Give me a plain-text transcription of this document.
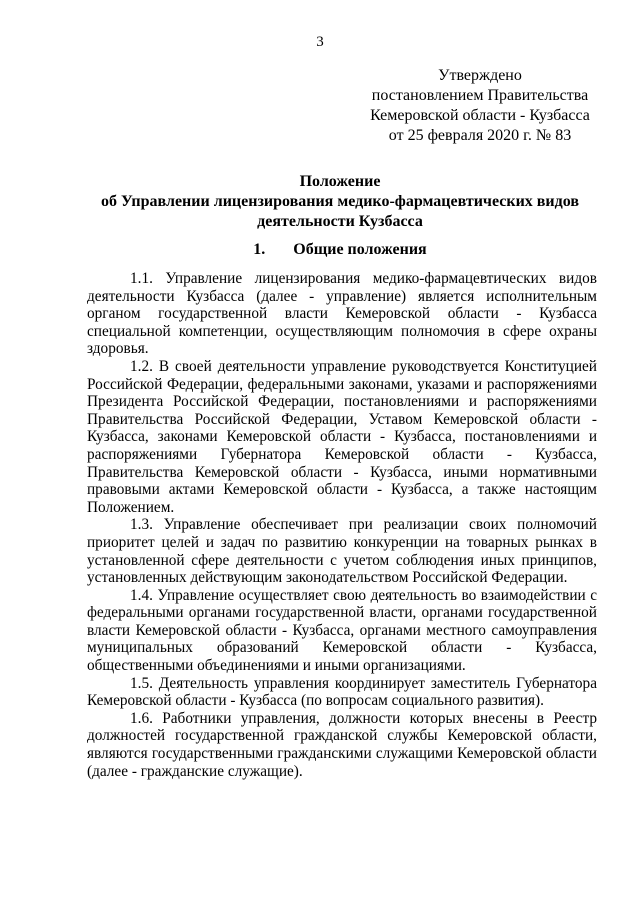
3
Утверждено
постановлением Правительства
Кемеровской области - Кузбасса
от 25 февраля 2020 г. № 83
Положение
об Управлении лицензирования медико-фармацевтических видов
деятельности Кузбасса
1. Общие положения

1.1. Управление лицензирования медико-фармацевтических видов деятельности Кузбасса (далее - управление) является исполнительным органом государственной власти Кемеровской области - Кузбасса специальной компетенции, осуществляющим полномочия в сфере охраны здоровья.

1.2. В своей деятельности управление руководствуется Конституцией Российской Федерации, федеральными законами, указами и распоряжениями Президента Российской Федерации, постановлениями и распоряжениями Правительства Российской Федерации, Уставом Кемеровской области - Кузбасса, законами Кемеровской области - Кузбасса, постановлениями и распоряжениями Губернатора Кемеровской области - Кузбасса, Правительства Кемеровской области - Кузбасса, иными нормативными правовыми актами Кемеровской области - Кузбасса, а также настоящим Положением.

1.3. Управление обеспечивает при реализации своих полномочий приоритет целей и задач по развитию конкуренции на товарных рынках в установленной сфере деятельности с учетом соблюдения иных принципов, установленных действующим законодательством Российской Федерации.

1.4. Управление осуществляет свою деятельность во взаимодействии с федеральными органами государственной власти, органами государственной власти Кемеровской области - Кузбасса, органами местного самоуправления муниципальных образований Кемеровской области - Кузбасса, общественными объединениями и иными организациями.

1.5. Деятельность управления координирует заместитель Губернатора Кемеровской области - Кузбасса (по вопросам социального развития).

1.6. Работники управления, должности которых внесены в Реестр должностей государственной гражданской службы Кемеровской области, являются государственными гражданскими служащими Кемеровской области (далее - гражданские служащие).
